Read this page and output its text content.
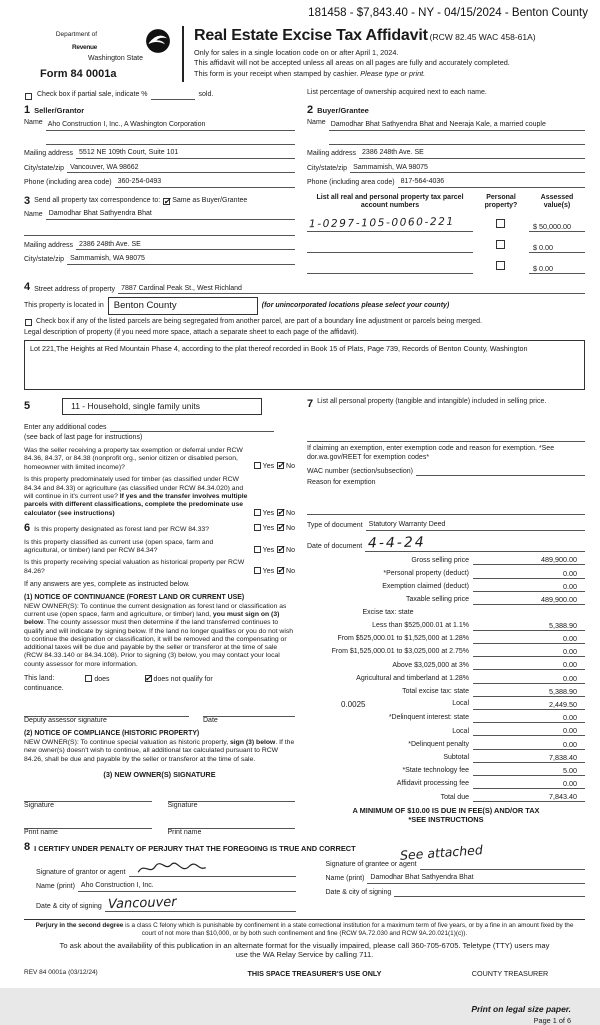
181458 - $7,843.40 - NY - 04/15/2024 - Benton County
Department of
Revenue
Washington State
Form 84 0001a
Real Estate Excise Tax Affidavit (RCW 82.45 WAC 458-61A)
Only for sales in a single location code on or after April 1, 2024.
This affidavit will not be accepted unless all areas on all pages are fully and accurately completed.
This form is your receipt when stamped by cashier. Please type or print.
Check box if partial sale, indicate %	sold.	List percentage of ownership acquired next to each name.
1 Seller/Grantor
Name Aho Construction I, Inc., A Washington Corporation
Mailing address 5512 NE 109th Court, Suite 101
City/state/zip Vancouver, WA 98662
Phone (including area code) 360-254-0493
2 Buyer/Grantee
Name Damodhar Bhat Sathyendra Bhat and Neeraja Kale, a married couple
Mailing address 2386 248th Ave. SE
City/state/zip Sammamish, WA 98075
Phone (including area code) 817-564-4036
3 Send all property tax correspondence to: ✓ Same as Buyer/Grantee
Name Damodhar Bhat Sathyendra Bhat
Mailing address 2386 248th Ave. SE
City/state/zip Sammamish, WA 98075
List all real and personal property tax parcel account numbers
Personal property?
Assessed value(s)
1-0297-105-0060-221	$ 50,000.00
$ 0.00
$ 0.00
4 Street address of property 7887 Cardinal Peak St., West Richland
This property is located in	Benton County	(for unincorporated locations please select your county)
Check box if any of the listed parcels are being segregated from another parcel, are part of a boundary line adjustment or parcels being merged.
Legal description of property (if you need more space, attach a separate sheet to each page of the affidavit).
Lot 221,The Heights at Red Mountain Phase 4, according to the plat thereof recorded in Book 15 of Plats, Page 739, Records of Benton County, Washington
5	11 - Household, single family units
Enter any additional codes
(see back of last page for instructions)
Was the seller receiving a property tax exemption or deferral under RCW 84.36, 84.37, or 84.38 (nonprofit org., senior citizen or disabled person, homeowner with limited income)?	Yes ✓ No
Is this property predominately used for timber (as classified under RCW 84.34 and 84.33) or agriculture (as classified under RCW 84.34.020) and will continue in it's current use? If yes and the transfer involves multiple parcels with different classifications, complete the predominate use calculator (see instructions)	Yes ✓ No
6 Is this property designated as forest land per RCW 84.33?	Yes ✓ No
Is this property classified as current use (open space, farm and agricultural, or timber) land per RCW 84.34?	Yes ✓ No
Is this property receiving special valuation as historical property per RCW 84.26?	Yes ✓ No
If any answers are yes, complete as instructed below.
(1) NOTICE OF CONTINUANCE (FOREST LAND OR CURRENT USE)
NEW OWNER(S): To continue the current designation as forest land or classification as current use (open space, farm and agriculture, or timber) land, you must sign on (3) below. The county assessor must then determine if the land transferred continues to qualify and will indicate by signing below. If the land no longer qualifies or you do not wish to continue the designation or classification, it will be removed and the compensating or additional taxes will be due and payable by the seller or transferor at the time of sale (RCW 84.33.140 or 84.34.108). Prior to signing (3) below, you may contact your local county assessor for more information.
This land:	does ✓	does not qualify for
continuance.
Deputy assessor signature	Date
(2) NOTICE OF COMPLIANCE (HISTORIC PROPERTY)
NEW OWNER(S): To continue special valuation as historic property, sign (3) below. If the new owner(s) doesn't wish to continue, all additional tax calculated pursuant to RCW 84.26, shall be due and payable by the seller or transferor at the time of sale.
(3) NEW OWNER(S) SIGNATURE
Signature	Signature
Print name	Print name
7 List all personal property (tangible and intangible) included in selling price.
If claiming an exemption, enter exemption code and reason for exemption. *See dor.wa.gov/REET for exemption codes*
WAC number (section/subsection)
Reason for exemption
Type of document Statutory Warranty Deed
Date of document 4-4-24
Gross selling price	489,900.00
*Personal property (deduct)	0.00
Exemption claimed (deduct)	0.00
Taxable selling price	489,900.00
Excise tax: state
Less than $525,000.01 at 1.1%	5,388.90
From $525,000.01 to $1,525,000 at 1.28%	0.00
From $1,525,000.01 to $3,025,000 at 2.75%	0.00
Above $3,025,000 at 3%	0.00
Agricultural and timberland at 1.28%	0.00
Total excise tax: state	5,388.90
0.0025	Local	2,449.50
*Delinquent interest: state	0.00
Local	0.00
*Delinquent penalty	0.00
Subtotal	7,838.40
*State technology fee	5.00
Affidavit processing fee	0.00
Total due	7,843.40
A MINIMUM OF $10.00 IS DUE IN FEE(S) AND/OR TAX
*SEE INSTRUCTIONS
8 I CERTIFY UNDER PENALTY OF PERJURY THAT THE FOREGOING IS TRUE AND CORRECT
Signature of grantor or agent
Name (print) Aho Construction I, Inc.
Date & city of signing Vancouver
See attached
Signature of grantee or agent
Name (print) Damodhar Bhat Sathyendra Bhat
Date & city of signing
Perjury in the second degree is a class C felony which is punishable by confinement in a state correctional institution for a maximum term of five years, or by a fine in an amount fixed by the court of not more than $10,000, or by both such confinement and fine (RCW 9A.72.030 and RCW 9A.20.021(1)(c)).
To ask about the availability of this publication in an alternate format for the visually impaired, please call 360-705-6705. Teletype (TTY) users may use the WA Relay Service by calling 711.
REV 84 0001a (03/12/24)	THIS SPACE TREASURER'S USE ONLY	COUNTY TREASURER
Print on legal size paper.
Page 1 of 6
